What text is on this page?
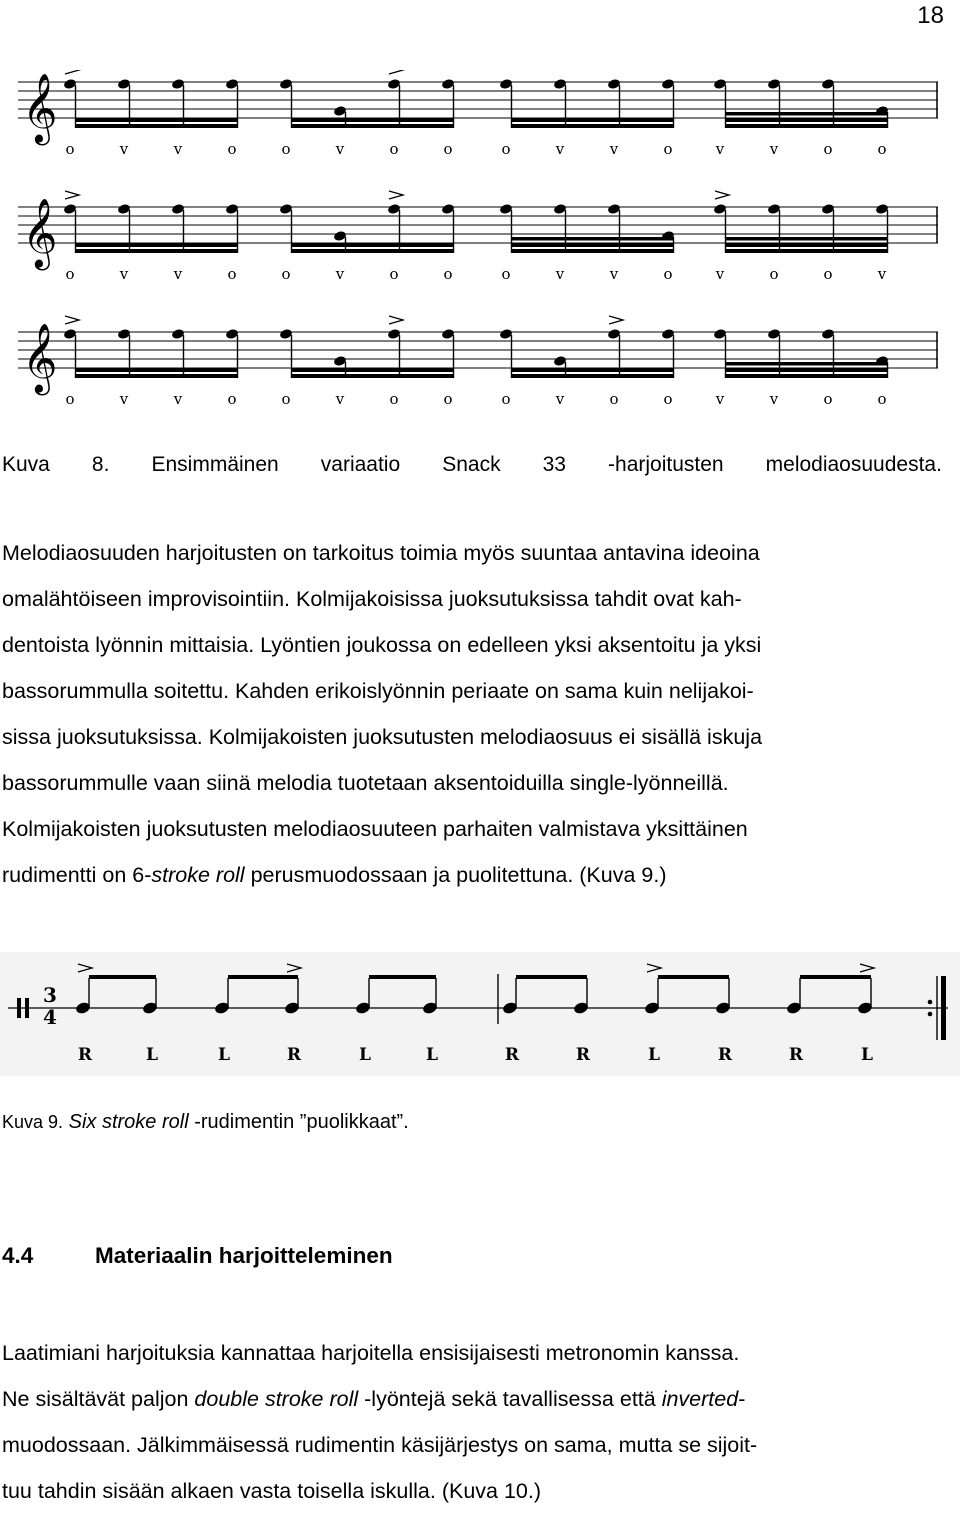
18
𝄞
o	v	v	o	o	v	o	o	o	v	v	o	v	v	o	o
𝄞
o	v	v	o	o	v	o	o	o	v	v	o	v	o	o	v
𝄞
o	v	v	o	o	v	o	o	o	v	o	o	v	v	o	o
Kuva 8. Ensimmäinen variaatio Snack 33 -harjoitusten melodiaosuudesta.
Melodiaosuuden harjoitusten on tarkoitus toimia myös suuntaa antavina ideoina
omalähtöiseen improvisointiin. Kolmijakoisissa juoksutuksissa tahdit ovat kah-
dentoista lyönnin mittaisia. Lyöntien joukossa on edelleen yksi aksentoitu ja yksi
bassorummulla soitettu. Kahden erikoislyönnin periaate on sama kuin nelijakoi-
sissa juoksutuksissa. Kolmijakoisten juoksutusten melodiaosuus ei sisällä iskuja
bassorummulle vaan siinä melodia tuotetaan aksentoiduilla single-lyönneillä.
Kolmijakoisten juoksutusten melodiaosuuteen parhaiten valmistava yksittäinen
rudimentti on 6-stroke roll perusmuodossaan ja puolitettuna. (Kuva 9.)
3
4
R	L	L	R	L	L	R	R	L	R	R	L
Kuva 9. Six stroke roll -rudimentin ”puolikkaat”.
4.4	Materiaalin harjoitteleminen
Laatimiani harjoituksia kannattaa harjoitella ensisijaisesti metronomin kanssa.
Ne sisältävät paljon double stroke roll -lyöntejä sekä tavallisessa että inverted-
muodossaan. Jälkimmäisessä rudimentin käsijärjestys on sama, mutta se sijoit-
tuu tahdin sisään alkaen vasta toisella iskulla. (Kuva 10.)
